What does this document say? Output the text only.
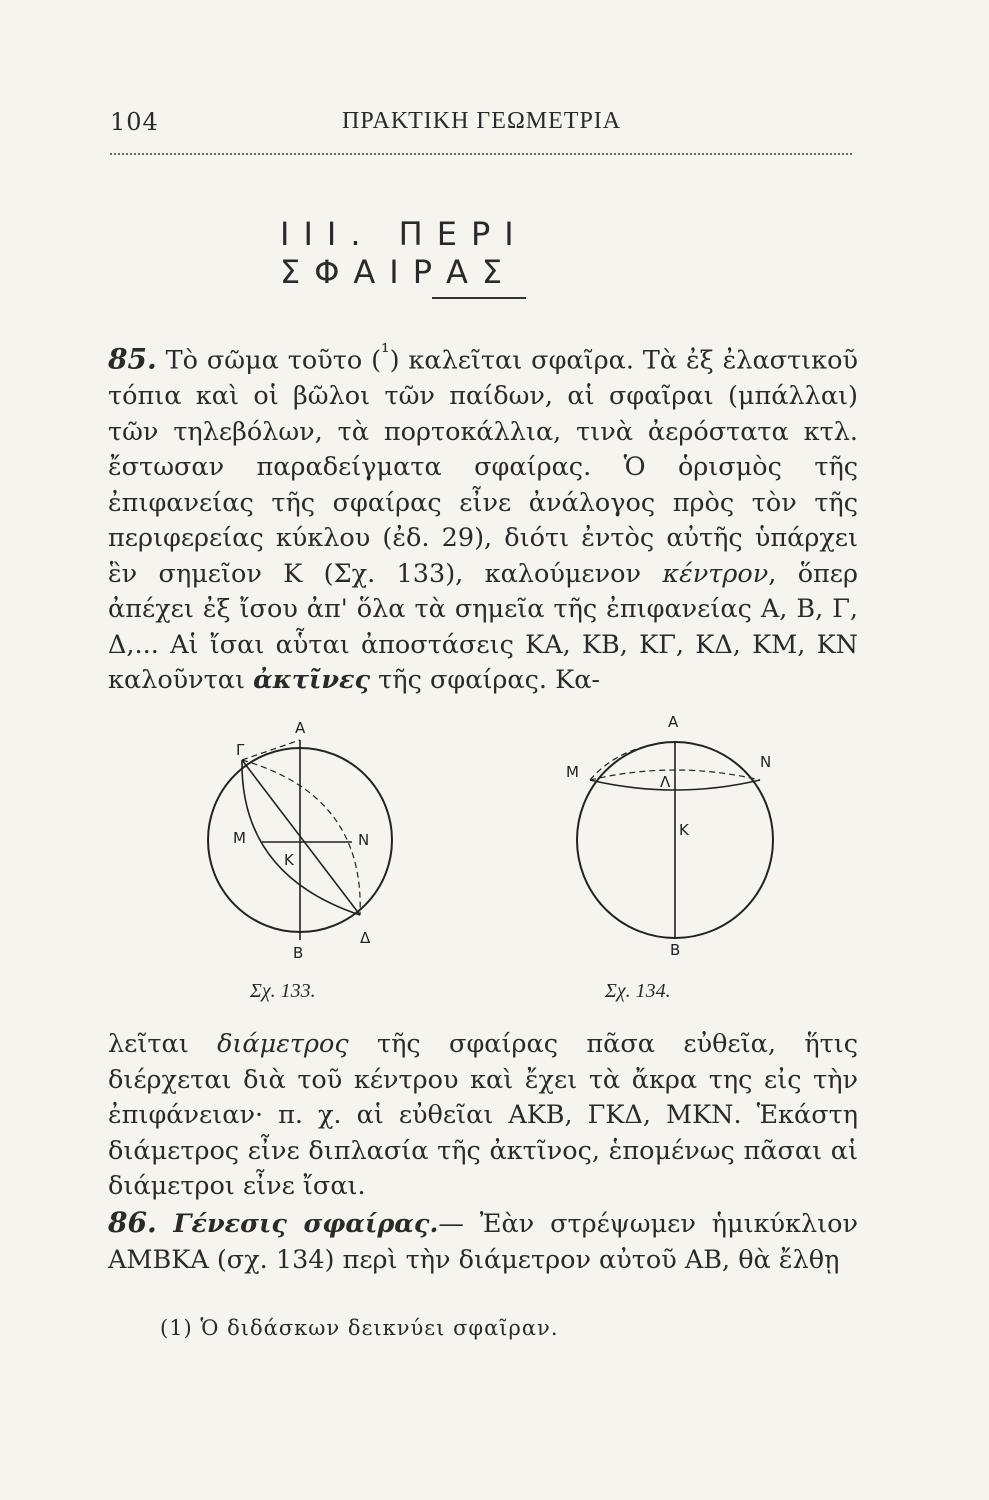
104	ΠΡΑΚΤΙΚΗ ΓΕΩΜΕΤΡΙΑ
ΙΙΙ. ΠΕΡΙ ΣΦΑΙΡΑΣ
85. Τὸ σῶμα τοῦτο ($^{^1}$) καλεῖται σφαῖρα. Τὰ ἐξ ἐλαστικοῦ τόπια καὶ οἱ βῶλοι τῶν παίδων, αἱ σφαῖραι (μπάλλαι) τῶν τηλεβόλων, τὰ πορτοκάλλια, τινὰ ἀερόστατα κτλ. ἔστωσαν παραδείγματα σφαίρας. Ὁ ὁρισμὸς τῆς ἐπιφανείας τῆς σφαίρας εἶνε ἀνάλογος πρὸς τὸν τῆς περιφερείας κύκλου (ἐδ. 29), διότι ἐντὸς αὐτῆς ὑπάρχει ἓν σημεῖον Κ (Σχ. 133), καλούμενον κέντρον, ὅπερ ἀπέχει ἐξ ἴσου ἀπ' ὅλα τὰ σημεῖα τῆς ἐπιφανείας Α, Β, Γ, Δ,... Αἱ ἴσαι αὗται ἀποστάσεις ΚΑ, ΚΒ, ΚΓ, ΚΔ, ΚΜ, ΚΝ καλοῦνται ἀκτῖνες τῆς σφαίρας. Κα-
Α
Γ
Μ
Κ
Ν
Δ
Β
Σχ. 133.
Α
Μ
Λ
Ν
Κ
Β
Σχ. 134.
λεῖται διάμετρος τῆς σφαίρας πᾶσα εὐθεῖα, ἥτις διέρχεται διὰ τοῦ κέντρου καὶ ἔχει τὰ ἄκρα της εἰς τὴν ἐπιφάνειαν· π. χ. αἱ εὐθεῖαι ΑΚΒ, ΓΚΔ, ΜΚΝ. Ἑκάστη διάμετρος εἶνε διπλασία τῆς ἀκτῖνος, ἑπομένως πᾶσαι αἱ διάμετροι εἶνε ἴσαι.
86. Γένεσις σφαίρας.— Ἐὰν στρέψωμεν ἡμικύκλιον ΑΜΒΚΑ (σχ. 134) περὶ τὴν διάμετρον αὐτοῦ ΑΒ, θὰ ἔλθῃ
(1) Ὁ διδάσκων δεικνύει σφαῖραν.
